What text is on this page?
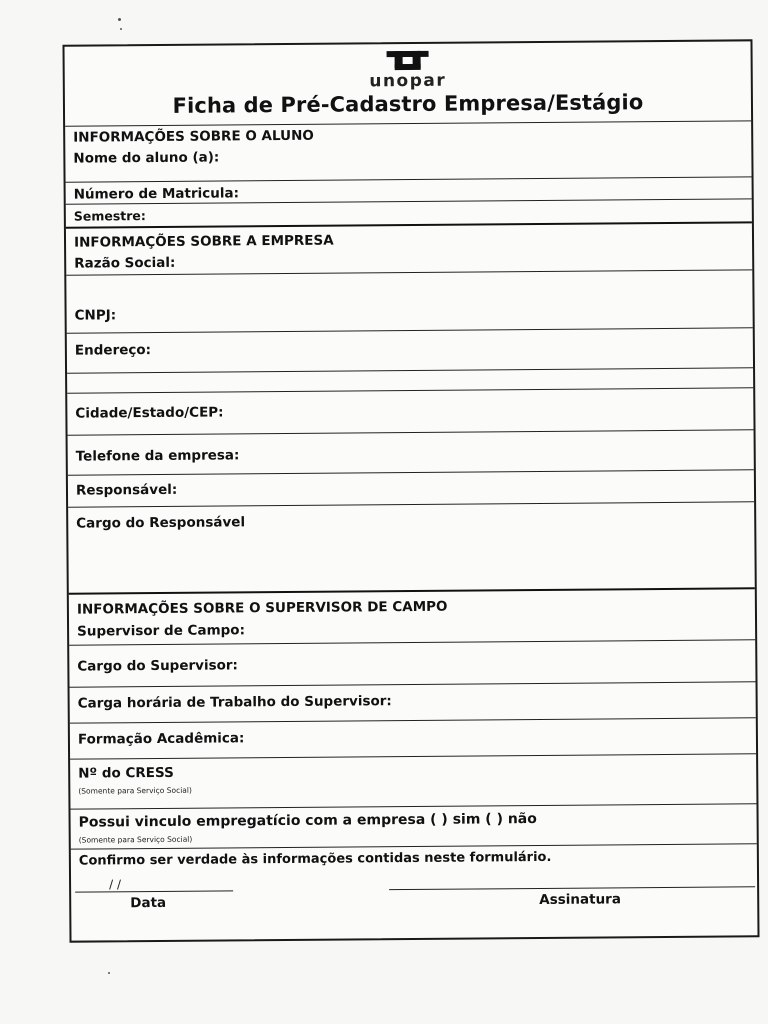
unopar
Ficha de Pré-Cadastro Empresa/Estágio
INFORMAÇÕES SOBRE O ALUNO
Nome do aluno (a):
Número de Matricula:
Semestre:
INFORMAÇÕES SOBRE A EMPRESA
Razão Social:
CNPJ:
Endereço:
Cidade/Estado/CEP:
Telefone da empresa:
Responsável:
Cargo do Responsável
INFORMAÇÕES SOBRE O SUPERVISOR DE CAMPO
Supervisor de Campo:
Cargo do Supervisor:
Carga horária de Trabalho do Supervisor:
Formação Acadêmica:
Nº do CRESS
(Somente para Serviço Social)
Possui vinculo empregatício com a empresa ( ) sim ( ) não
(Somente para Serviço Social)
Confirmo ser verdade às informações contidas neste formulário.
/ /
Data	Assinatura
